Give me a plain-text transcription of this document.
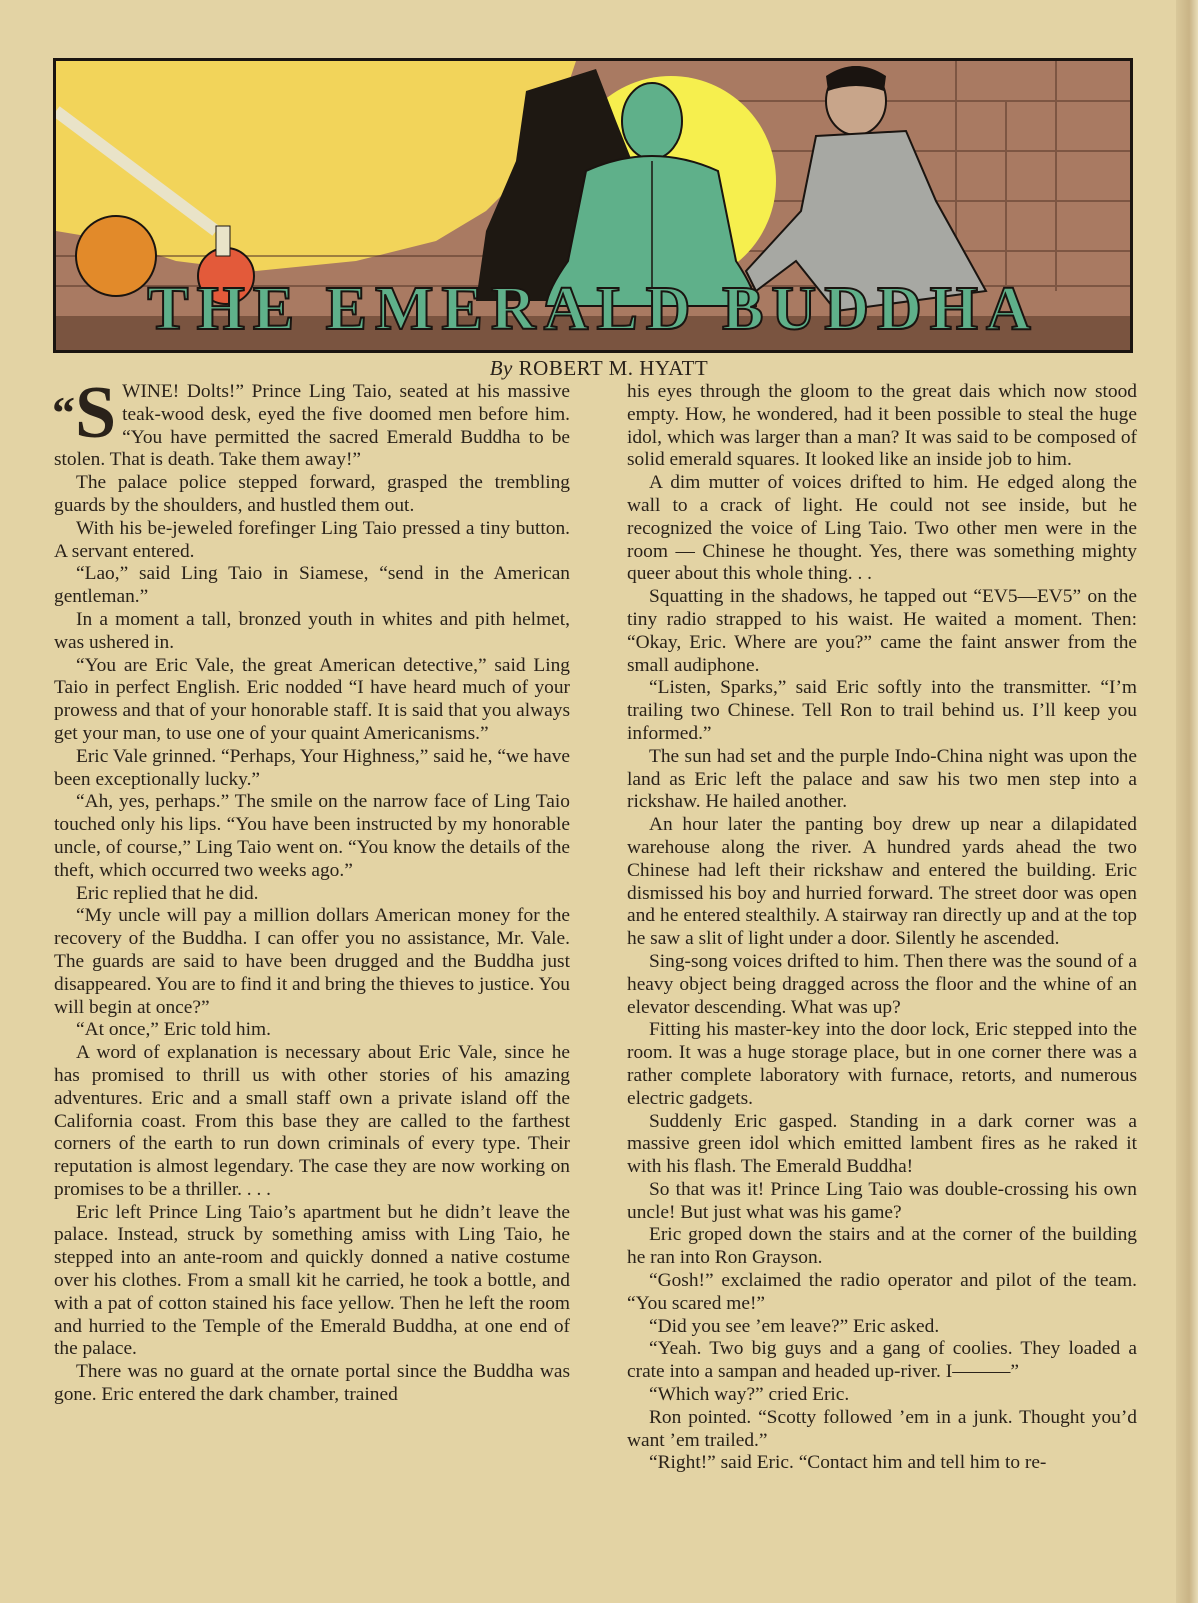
THE EMERALD BUDDHA
By ROBERT M. HYATT

“S WINE! Dolts!” Prince Ling Taio, seated at his massive teak-wood desk, eyed the five doomed men before him. “You have permitted the sacred Emerald Buddha to be stolen. That is death. Take them away!”

The palace police stepped forward, grasped the trembling guards by the shoulders, and hustled them out.

With his be-jeweled forefinger Ling Taio pressed a tiny button. A servant entered.

“Lao,” said Ling Taio in Siamese, “send in the American gentleman.”

In a moment a tall, bronzed youth in whites and pith helmet, was ushered in.

“You are Eric Vale, the great American detective,” said Ling Taio in perfect English. Eric nodded “I have heard much of your prowess and that of your honorable staff. It is said that you always get your man, to use one of your quaint Americanisms.”

Eric Vale grinned. “Perhaps, Your Highness,” said he, “we have been exceptionally lucky.”

“Ah, yes, perhaps.” The smile on the narrow face of Ling Taio touched only his lips. “You have been instructed by my honorable uncle, of course,” Ling Taio went on. “You know the details of the theft, which occurred two weeks ago.”

Eric replied that he did.

“My uncle will pay a million dollars American money for the recovery of the Buddha. I can offer you no assistance, Mr. Vale. The guards are said to have been drugged and the Buddha just disappeared. You are to find it and bring the thieves to justice. You will begin at once?”

“At once,” Eric told him.

A word of explanation is necessary about Eric Vale, since he has promised to thrill us with other stories of his amazing adventures. Eric and a small staff own a private island off the California coast. From this base they are called to the farthest corners of the earth to run down criminals of every type. Their reputation is almost legendary. The case they are now working on promises to be a thriller. . . .

Eric left Prince Ling Taio’s apartment but he didn’t leave the palace. Instead, struck by something amiss with Ling Taio, he stepped into an ante-room and quickly donned a native costume over his clothes. From a small kit he carried, he took a bottle, and with a pat of cotton stained his face yellow. Then he left the room and hurried to the Temple of the Emerald Buddha, at one end of the palace.

There was no guard at the ornate portal since the Buddha was gone. Eric entered the dark chamber, trained

his eyes through the gloom to the great dais which now stood empty. How, he wondered, had it been possible to steal the huge idol, which was larger than a man? It was said to be composed of solid emerald squares. It looked like an inside job to him.

A dim mutter of voices drifted to him. He edged along the wall to a crack of light. He could not see inside, but he recognized the voice of Ling Taio. Two other men were in the room — Chinese he thought. Yes, there was something mighty queer about this whole thing. . .

Squatting in the shadows, he tapped out “EV5—EV5” on the tiny radio strapped to his waist. He waited a moment. Then: “Okay, Eric. Where are you?” came the faint answer from the small audiphone.

“Listen, Sparks,” said Eric softly into the transmitter. “I’m trailing two Chinese. Tell Ron to trail behind us. I’ll keep you informed.”

The sun had set and the purple Indo-China night was upon the land as Eric left the palace and saw his two men step into a rickshaw. He hailed another.

An hour later the panting boy drew up near a dilapidated warehouse along the river. A hundred yards ahead the two Chinese had left their rickshaw and entered the building. Eric dismissed his boy and hurried forward. The street door was open and he entered stealthily. A stairway ran directly up and at the top he saw a slit of light under a door. Silently he ascended.

Sing-song voices drifted to him. Then there was the sound of a heavy object being dragged across the floor and the whine of an elevator descending. What was up?

Fitting his master-key into the door lock, Eric stepped into the room. It was a huge storage place, but in one corner there was a rather complete laboratory with furnace, retorts, and numerous electric gadgets.

Suddenly Eric gasped. Standing in a dark corner was a massive green idol which emitted lambent fires as he raked it with his flash. The Emerald Buddha!

So that was it! Prince Ling Taio was double-crossing his own uncle! But just what was his game?

Eric groped down the stairs and at the corner of the building he ran into Ron Grayson.

“Gosh!” exclaimed the radio operator and pilot of the team. “You scared me!”

“Did you see ’em leave?” Eric asked.

“Yeah. Two big guys and a gang of coolies. They loaded a crate into a sampan and headed up-river. I———”

“Which way?” cried Eric.

Ron pointed. “Scotty followed ’em in a junk. Thought you’d want ’em trailed.”

“Right!” said Eric. “Contact him and tell him to re-
